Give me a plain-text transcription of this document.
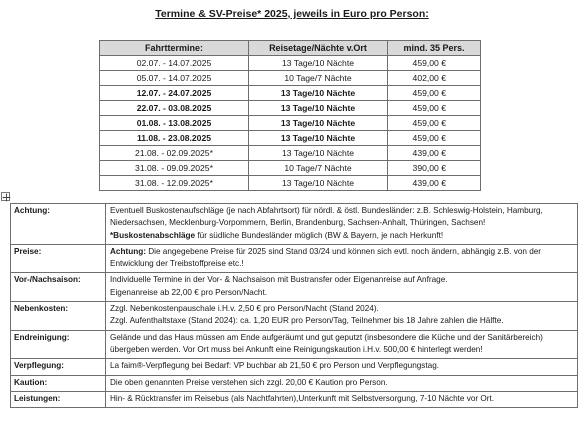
Termine & SV-Preise* 2025, jeweils in Euro pro Person:
Fahrttermine:	Reisetage/Nächte v.Ort	mind. 35 Pers.
02.07. - 14.07.2025	13 Tage/10 Nächte	459,00 €
05.07. - 14.07.2025	10 Tage/7 Nächte	402,00 €
12.07. - 24.07.2025	13 Tage/10 Nächte	459,00 €
22.07. - 03.08.2025	13 Tage/10 Nächte	459,00 €
01.08. - 13.08.2025	13 Tage/10 Nächte	459,00 €
11.08. - 23.08.2025	13 Tage/10 Nächte	459,00 €
21.08. - 02.09.2025*	13 Tage/10 Nächte	439,00 €
31.08. - 09.09.2025*	10 Tage/7 Nächte	390,00 €
31.08. - 12.09.2025*	13 Tage/10 Nächte	439,00 €
Achtung:	Eventuell Buskostenaufschläge (je nach Abfahrtsort) für nördl. & östl. Bundesländer: z.B. Schleswig-Holstein, Hamburg, Niedersachsen, Mecklenburg-Vorpommern, Berlin, Brandenburg, Sachsen-Anhalt, Thüringen, Sachsen!
*Buskostenabschläge für südliche Bundesländer möglich (BW & Bayern, je nach Herkunft!
Preise:	Achtung: Die angegebene Preise für 2025 sind Stand 03/24 und können sich evtl. noch ändern, abhängig z.B. von der Entwicklung der Treibstoffpreise etc.!
Vor-/Nachsaison:	Individuelle Termine in der Vor- & Nachsaison mit Bustransfer oder Eigenanreise auf Anfrage.
Eigenanreise ab 22,00 € pro Person/Nacht.

Nebenkosten:	Zzgl. Nebenkostenpauschale i.H.v. 2,50 € pro Person/Nacht (Stand 2024).
Zzgl. Aufenthaltstaxe (Stand 2024): ca. 1,20 EUR pro Person/Tag, Teilnehmer bis 18 Jahre zahlen die Hälfte.

Endreinigung:	Gelände und das Haus müssen am Ende aufgeräumt und gut geputzt (insbesondere die Küche und der Sanitärbereich) übergeben werden. Vor Ort muss bei Ankunft eine Reinigungskaution i.H.v. 500,00 € hinterlegt werden!
Verpflegung:	La faim®-Verpflegung bei Bedarf: VP buchbar ab 21,50 € pro Person und Verpflegungstag.
Kaution:	Die oben genannten Preise verstehen sich zzgl. 20,00 € Kaution pro Person.
Leistungen:	Hin- & Rücktransfer im Reisebus (als Nachtfahrten),Unterkunft mit Selbstversorgung, 7-10 Nächte vor Ort.
